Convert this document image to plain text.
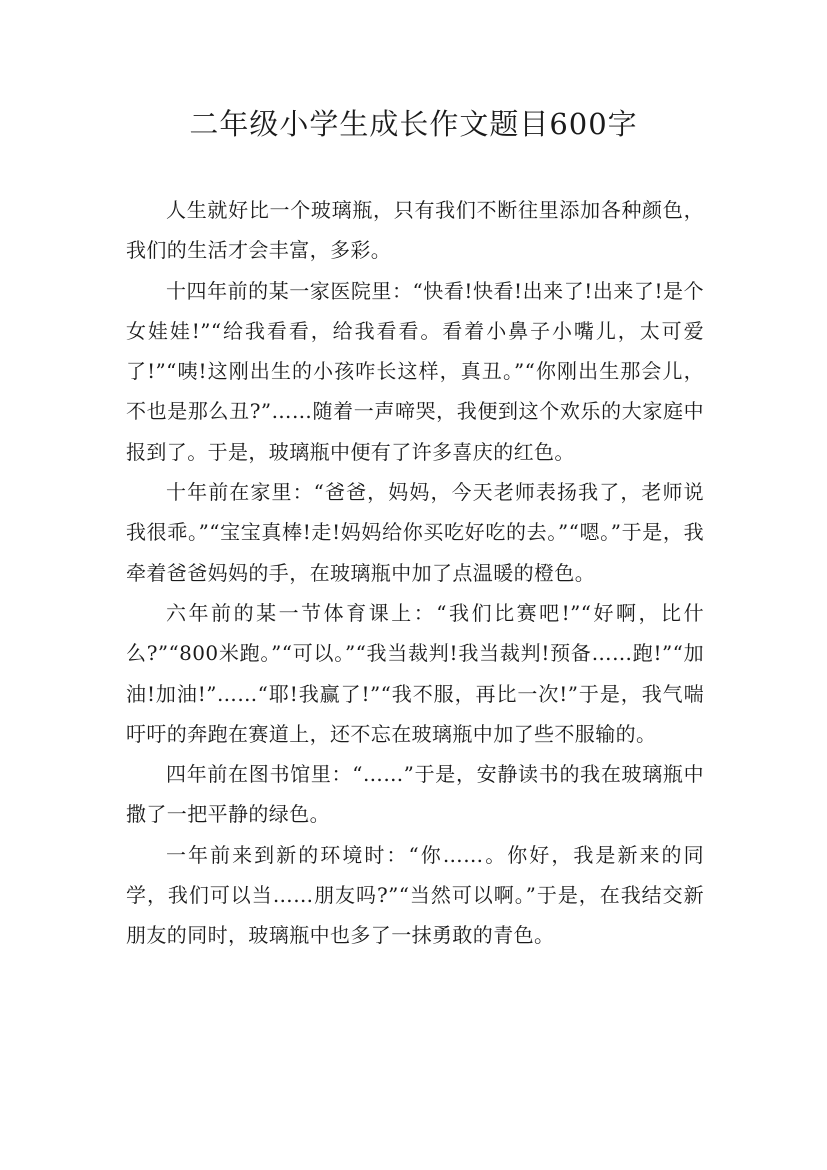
二年级小学生成长作文题目600字

人生就好比一个玻璃瓶，只有我们不断往里添加各种颜色，我们的生活才会丰富，多彩。

十四年前的某一家医院里：“快看!快看!出来了!出来了!是个女娃娃!”“给我看看，给我看看。看着小鼻子小嘴儿，太可爱了!”“咦!这刚出生的小孩咋长这样，真丑。”“你刚出生那会儿，不也是那么丑?”……随着一声啼哭，我便到这个欢乐的大家庭中报到了。于是，玻璃瓶中便有了许多喜庆的红色。

十年前在家里：“爸爸，妈妈，今天老师表扬我了，老师说我很乖。”“宝宝真棒!走!妈妈给你买吃好吃的去。”“嗯。”于是，我牵着爸爸妈妈的手，在玻璃瓶中加了点温暖的橙色。

六年前的某一节体育课上：“我们比赛吧!”“好啊，比什么?”“800米跑。”“可以。”“我当裁判!我当裁判!预备……跑!”“加油!加油!”……“耶!我赢了!”“我不服，再比一次!”于是，我气喘吁吁的奔跑在赛道上，还不忘在玻璃瓶中加了些不服输的。

四年前在图书馆里：“……”于是，安静读书的我在玻璃瓶中撒了一把平静的绿色。

一年前来到新的环境时：“你……。你好，我是新来的同学，我们可以当……朋友吗?”“当然可以啊。”于是，在我结交新朋友的同时，玻璃瓶中也多了一抹勇敢的青色。
